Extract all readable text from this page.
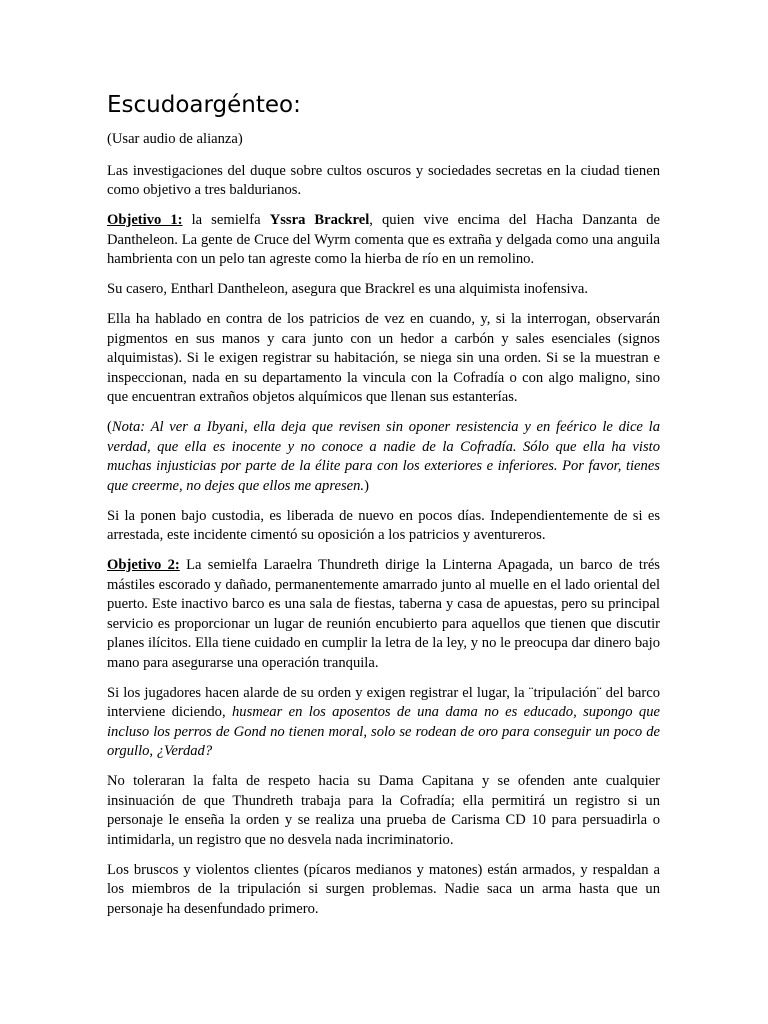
Escudoargénteo:

(Usar audio de alianza)

Las investigaciones del duque sobre cultos oscuros y sociedades secretas en la ciudad tienen como objetivo a tres baldurianos.

Objetivo 1: la semielfa Yssra Brackrel, quien vive encima del Hacha Danzanta de Dantheleon. La gente de Cruce del Wyrm comenta que es extraña y delgada como una anguila hambrienta con un pelo tan agreste como la hierba de río en un remolino.

Su casero, Entharl Dantheleon, asegura que Brackrel es una alquimista inofensiva.

Ella ha hablado en contra de los patricios de vez en cuando, y, si la interrogan, observarán pigmentos en sus manos y cara junto con un hedor a carbón y sales esenciales (signos alquimistas). Si le exigen registrar su habitación, se niega sin una orden. Si se la muestran e inspeccionan, nada en su departamento la vincula con la Cofradía o con algo maligno, sino que encuentran extraños objetos alquímicos que llenan sus estanterías.

(Nota: Al ver a Ibyani, ella deja que revisen sin oponer resistencia y en feérico le dice la verdad, que ella es inocente y no conoce a nadie de la Cofradía. Sólo que ella ha visto muchas injusticias por parte de la élite para con los exteriores e inferiores. Por favor, tienes que creerme, no dejes que ellos me apresen.)

Si la ponen bajo custodia, es liberada de nuevo en pocos días. Independientemente de si es arrestada, este incidente cimentó su oposición a los patricios y aventureros.

Objetivo 2: La semielfa Laraelra Thundreth dirige la Linterna Apagada, un barco de trés mástiles escorado y dañado, permanentemente amarrado junto al muelle en el lado oriental del puerto. Este inactivo barco es una sala de fiestas, taberna y casa de apuestas, pero su principal servicio es proporcionar un lugar de reunión encubierto para aquellos que tienen que discutir planes ilícitos. Ella tiene cuidado en cumplir la letra de la ley, y no le preocupa dar dinero bajo mano para asegurarse una operación tranquila.

Si los jugadores hacen alarde de su orden y exigen registrar el lugar, la ¨tripulación¨ del barco interviene diciendo, husmear en los aposentos de una dama no es educado, supongo que incluso los perros de Gond no tienen moral, solo se rodean de oro para conseguir un poco de orgullo, ¿Verdad?

No toleraran la falta de respeto hacia su Dama Capitana y se ofenden ante cualquier insinuación de que Thundreth trabaja para la Cofradía; ella permitirá un registro si un personaje le enseña la orden y se realiza una prueba de Carisma CD 10 para persuadirla o intimidarla, un registro que no desvela nada incriminatorio.

Los bruscos y violentos clientes (pícaros medianos y matones) están armados, y respaldan a los miembros de la tripulación si surgen problemas. Nadie saca un arma hasta que un personaje ha desenfundado primero.
